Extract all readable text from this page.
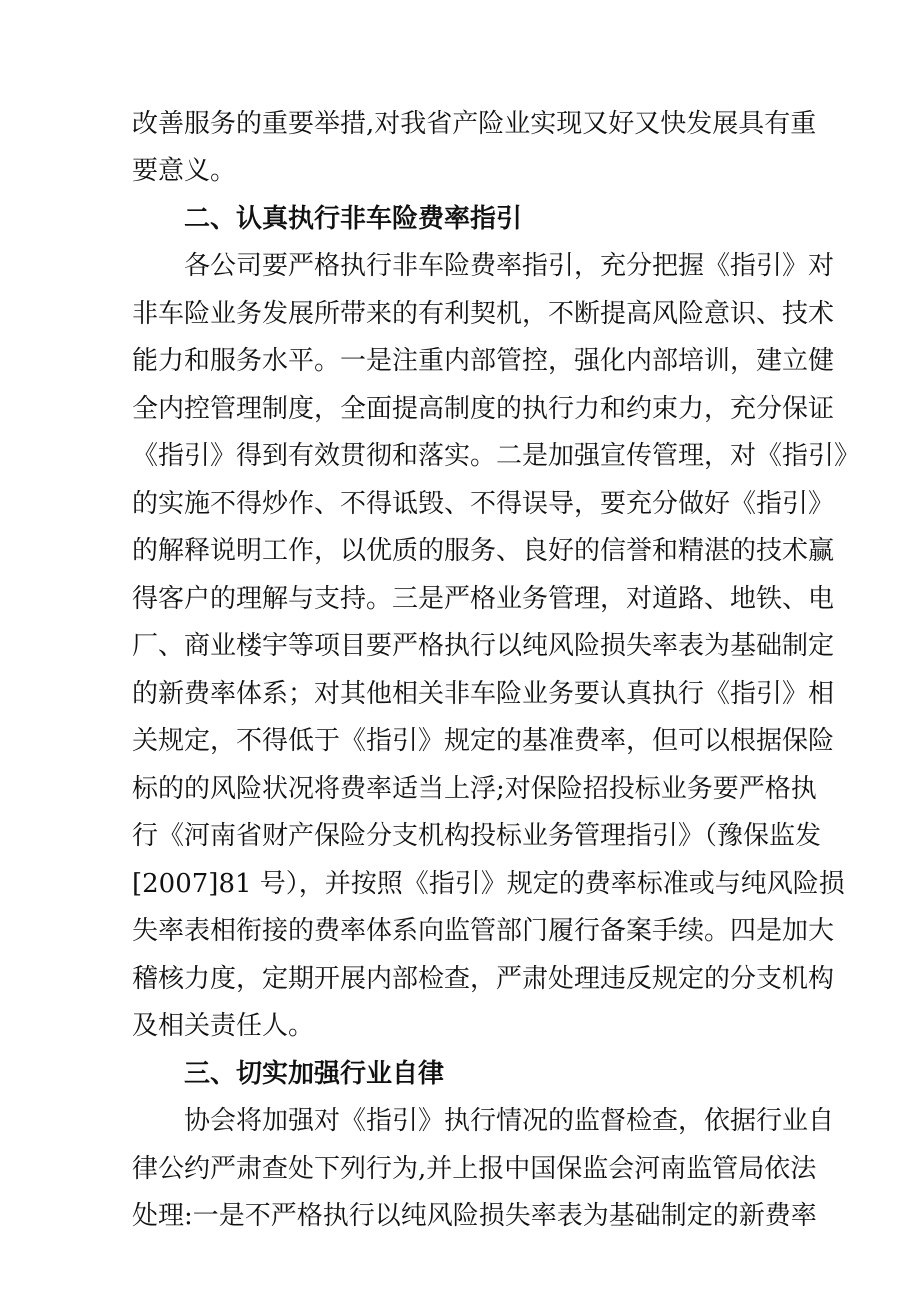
改善服务的重要举措,对我省产险业实现又好又快发展具有重
要意义。
二、认真执行非车险费率指引
各公司要严格执行非车险费率指引，充分把握《指引》对
非车险业务发展所带来的有利契机，不断提高风险意识、技术
能力和服务水平。一是注重内部管控，强化内部培训，建立健
全内控管理制度，全面提高制度的执行力和约束力，充分保证
《指引》得到有效贯彻和落实。二是加强宣传管理，对《指引》
的实施不得炒作、不得诋毁、不得误导，要充分做好《指引》
的解释说明工作，以优质的服务、良好的信誉和精湛的技术赢
得客户的理解与支持。三是严格业务管理，对道路、地铁、电
厂、商业楼宇等项目要严格执行以纯风险损失率表为基础制定
的新费率体系；对其他相关非车险业务要认真执行《指引》相
关规定，不得低于《指引》规定的基准费率，但可以根据保险
标的的风险状况将费率适当上浮;对保险招投标业务要严格执
行《河南省财产保险分支机构投标业务管理指引》（豫保监发
[2007]81 号），并按照《指引》规定的费率标准或与纯风险损
失率表相衔接的费率体系向监管部门履行备案手续。四是加大
稽核力度，定期开展内部检查，严肃处理违反规定的分支机构
及相关责任人。
三、切实加强行业自律
协会将加强对《指引》执行情况的监督检查，依据行业自
律公约严肃查处下列行为,并上报中国保监会河南监管局依法
处理:一是不严格执行以纯风险损失率表为基础制定的新费率
